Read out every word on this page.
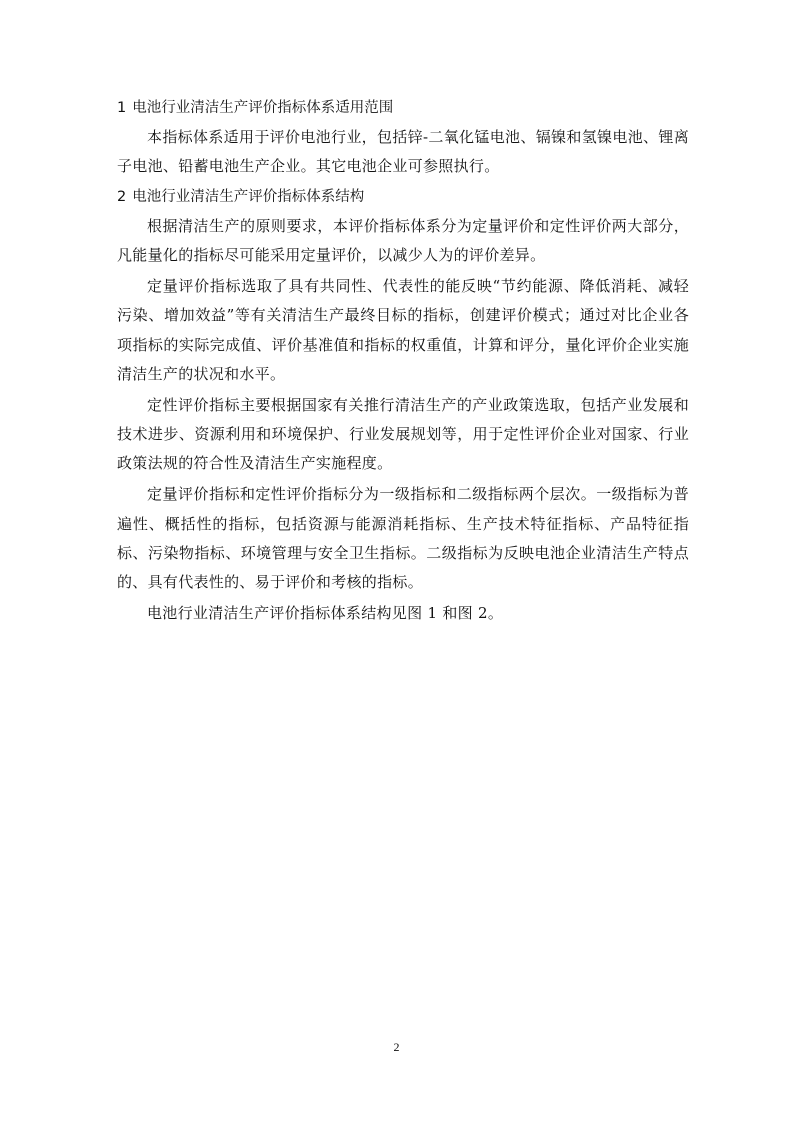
1 电池行业清洁生产评价指标体系适用范围

本指标体系适用于评价电池行业，包括锌-二氧化锰电池、镉镍和氢镍电池、锂离子电池、铅蓄电池生产企业。其它电池企业可参照执行。

2 电池行业清洁生产评价指标体系结构

根据清洁生产的原则要求，本评价指标体系分为定量评价和定性评价两大部分，凡能量化的指标尽可能采用定量评价，以减少人为的评价差异。

定量评价指标选取了具有共同性、代表性的能反映“节约能源、降低消耗、减轻污染、增加效益”等有关清洁生产最终目标的指标，创建评价模式；通过对比企业各项指标的实际完成值、评价基准值和指标的权重值，计算和评分，量化评价企业实施清洁生产的状况和水平。

定性评价指标主要根据国家有关推行清洁生产的产业政策选取，包括产业发展和技术进步、资源利用和环境保护、行业发展规划等，用于定性评价企业对国家、行业政策法规的符合性及清洁生产实施程度。

定量评价指标和定性评价指标分为一级指标和二级指标两个层次。一级指标为普遍性、概括性的指标，包括资源与能源消耗指标、生产技术特征指标、产品特征指标、污染物指标、环境管理与安全卫生指标。二级指标为反映电池企业清洁生产特点的、具有代表性的、易于评价和考核的指标。

电池行业清洁生产评价指标体系结构见图 1 和图 2。

2
